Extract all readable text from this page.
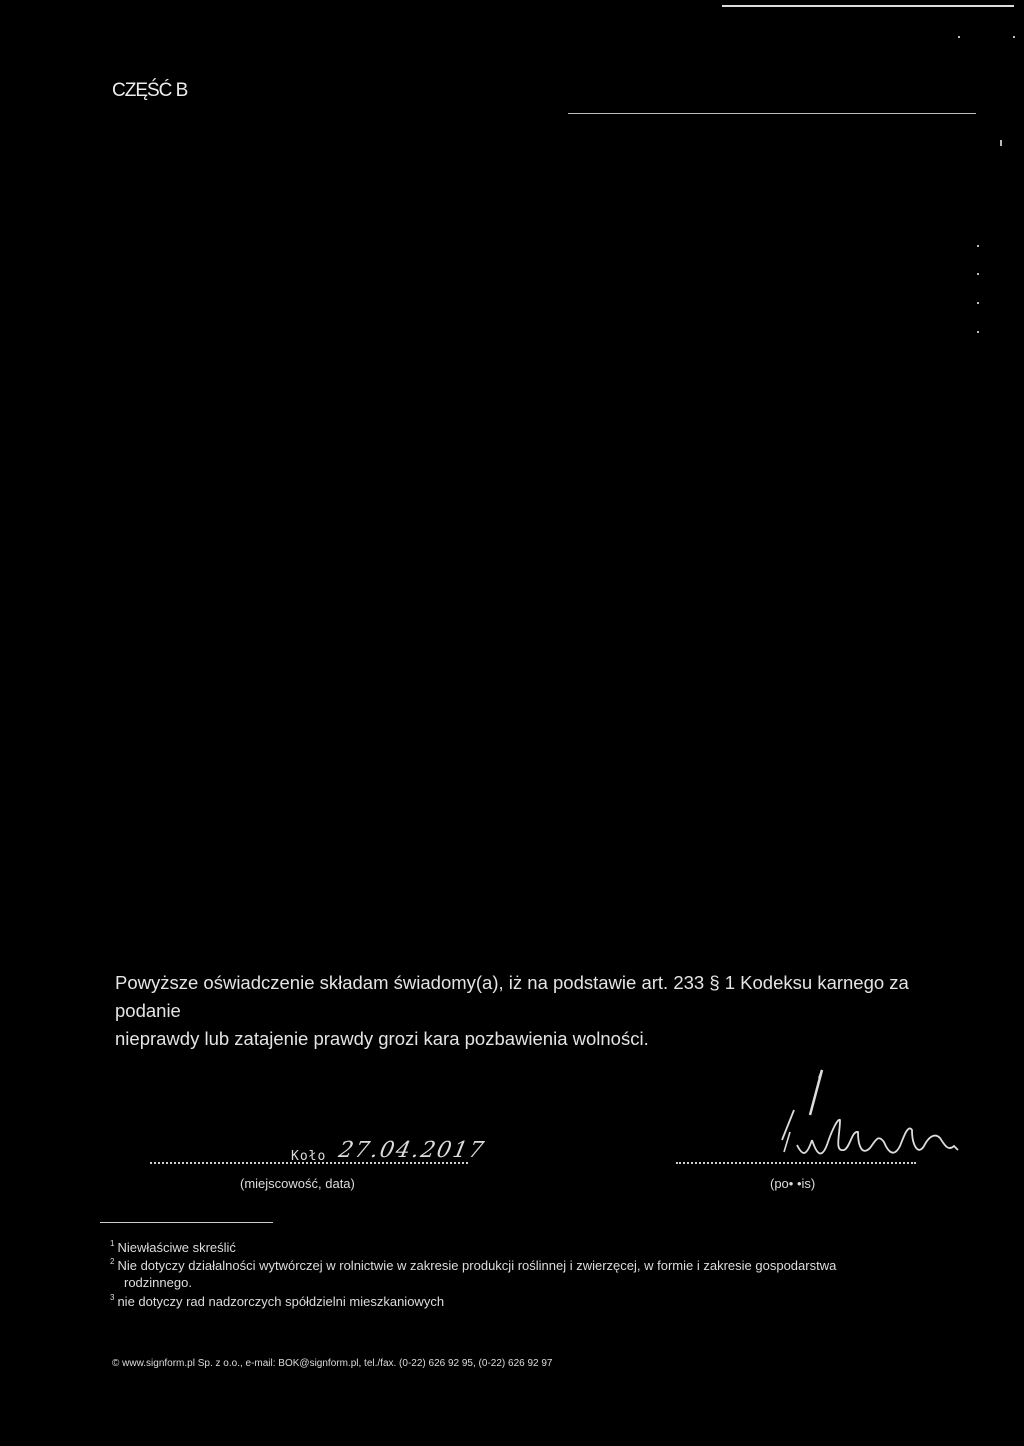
CZĘŚĆ B

Powyższe oświadczenie składam świadomy(a), iż na podstawie art. 233 § 1 Kodeksu karnego za podanie

nieprawdy lub zatajenie prawdy grozi kara pozbawienia wolności.

Koło 27.04.2017
(miejscowość, data)	(po• •is)
$^1$ Niewłaściwe skreślić
$^2$ Nie dotyczy działalności wytwórczej w rolnictwie w zakresie produkcji roślinnej i zwierzęcej, w formie i zakresie gospodarstwa
rodzinnego.
$^3$ nie dotyczy rad nadzorczych spółdzielni mieszkaniowych
© www.signform.pl Sp. z o.o., e-mail: BOK@signform.pl, tel./fax. (0-22) 626 92 95, (0-22) 626 92 97
